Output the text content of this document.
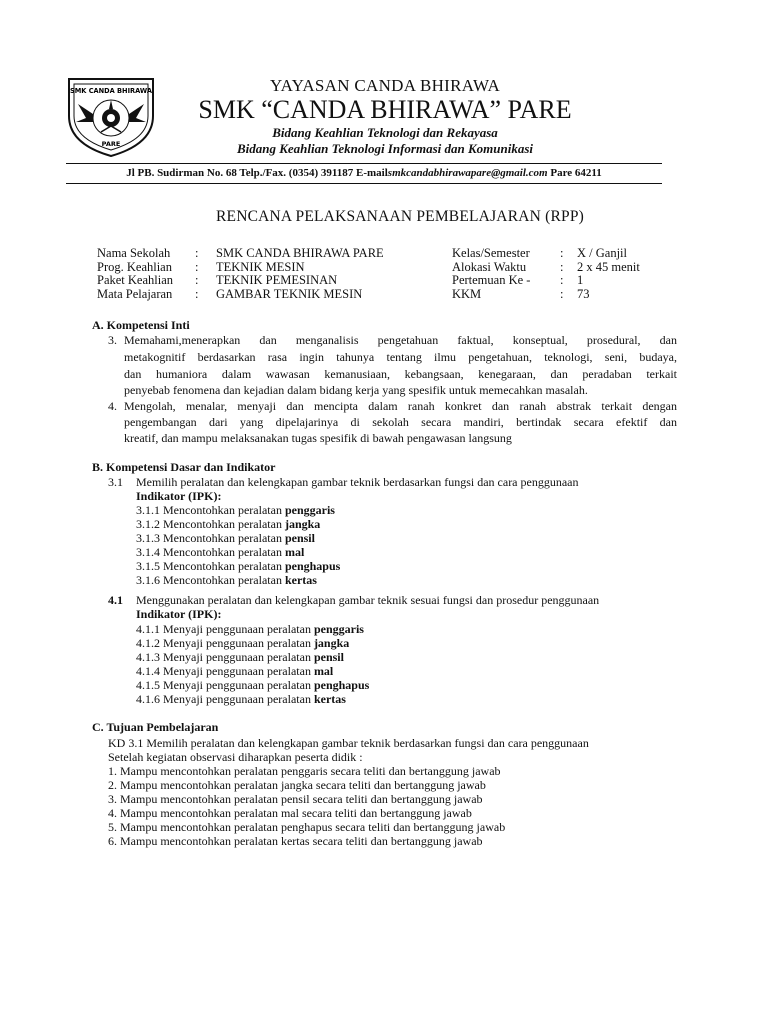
SMK CANDA BHIRAWA
PARE
YAYASAN CANDA BHIRAWA
SMK “CANDA BHIRAWA” PARE
Bidang Keahlian Teknologi dan Rekayasa
Bidang Keahlian Teknologi Informasi dan Komunikasi
Jl PB. Sudirman No. 68 Telp./Fax. (0354) 391187 E-mailsmkcandabhirawapare@gmail.com Pare 64211
RENCANA PELAKSANAAN PEMBELAJARAN (RPP)
Nama Sekolah : SMK CANDA BHIRAWA PARE	Kelas/Semester : X / Ganjil
Prog. Keahlian : TEKNIK MESIN	Alokasi Waktu	: 2 x 45 menit
Paket Keahlian : TEKNIK PEMESINAN	Pertemuan Ke - : 1
Mata Pelajaran : GAMBAR TEKNIK MESIN	KKM	: 73
A. Kompetensi Inti
3. Memahami,menerapkan dan menganalisis pengetahuan faktual, konseptual, prosedural, dan
metakognitif berdasarkan rasa ingin tahunya tentang ilmu pengetahuan, teknologi, seni, budaya,
dan humaniora dalam wawasan kemanusiaan, kebangsaan, kenegaraan, dan peradaban terkait
penyebab fenomena dan kejadian dalam bidang kerja yang spesifik untuk memecahkan masalah.
4. Mengolah, menalar, menyaji dan mencipta dalam ranah konkret dan ranah abstrak terkait dengan
pengembangan dari yang dipelajarinya di sekolah secara mandiri, bertindak secara efektif dan
kreatif, dan mampu melaksanakan tugas spesifik di bawah pengawasan langsung
B. Kompetensi Dasar dan Indikator
3.1 Memilih peralatan dan kelengkapan gambar teknik berdasarkan fungsi dan cara penggunaan
Indikator (IPK):
3.1.1 Mencontohkan peralatan penggaris
3.1.2 Mencontohkan peralatan jangka
3.1.3 Mencontohkan peralatan pensil
3.1.4 Mencontohkan peralatan mal
3.1.5 Mencontohkan peralatan penghapus
3.1.6 Mencontohkan peralatan kertas
4.1 Menggunakan peralatan dan kelengkapan gambar teknik sesuai fungsi dan prosedur penggunaan
Indikator (IPK):
4.1.1 Menyaji penggunaan peralatan penggaris
4.1.2 Menyaji penggunaan peralatan jangka
4.1.3 Menyaji penggunaan peralatan pensil
4.1.4 Menyaji penggunaan peralatan mal
4.1.5 Menyaji penggunaan peralatan penghapus
4.1.6 Menyaji penggunaan peralatan kertas
C. Tujuan Pembelajaran
KD 3.1 Memilih peralatan dan kelengkapan gambar teknik berdasarkan fungsi dan cara penggunaan
Setelah kegiatan observasi diharapkan peserta didik :
1. Mampu mencontohkan peralatan penggaris secara teliti dan bertanggung jawab
2. Mampu mencontohkan peralatan jangka secara teliti dan bertanggung jawab
3. Mampu mencontohkan peralatan pensil secara teliti dan bertanggung jawab
4. Mampu mencontohkan peralatan mal secara teliti dan bertanggung jawab
5. Mampu mencontohkan peralatan penghapus secara teliti dan bertanggung jawab
6. Mampu mencontohkan peralatan kertas secara teliti dan bertanggung jawab
